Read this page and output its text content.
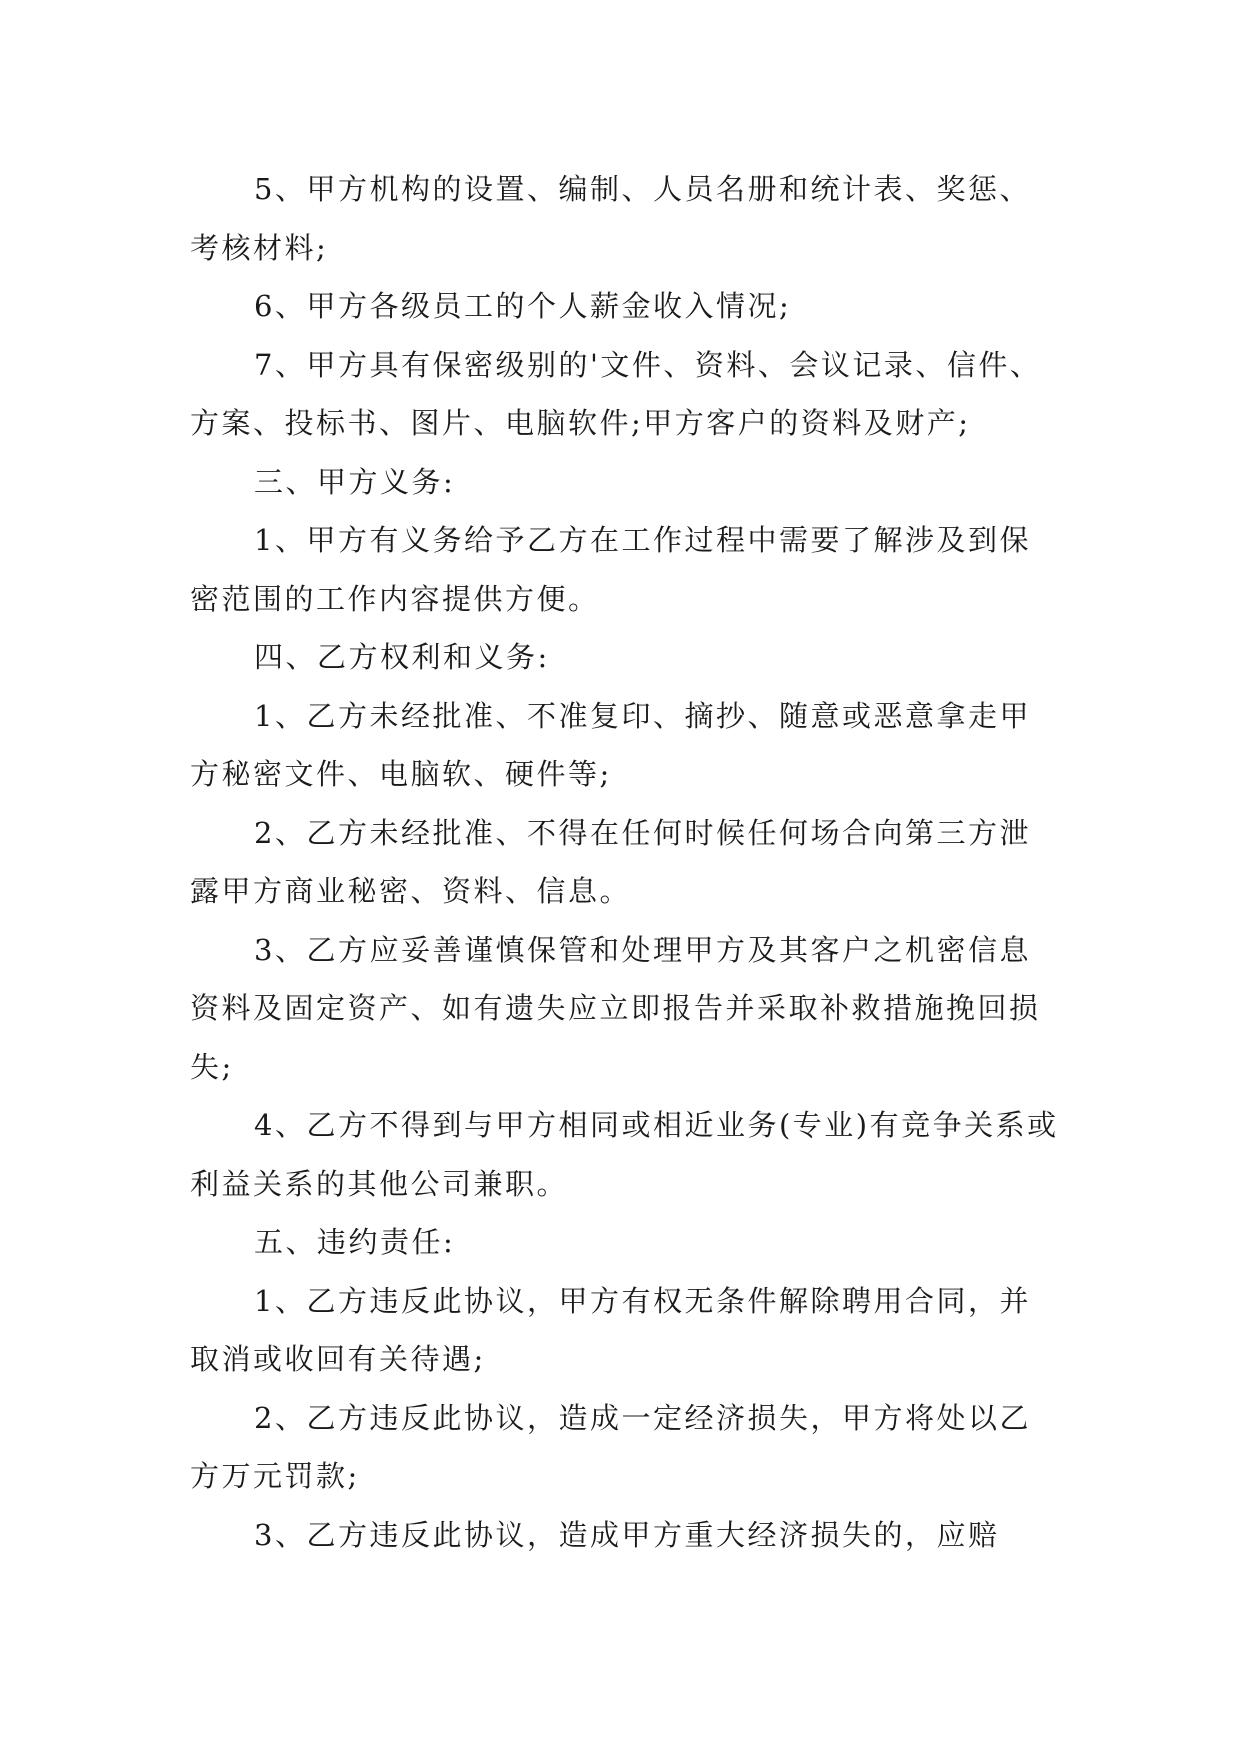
5、甲方机构的设置、编制、人员名册和统计表、奖惩、考核材料;

6、甲方各级员工的个人薪金收入情况;

7、甲方具有保密级别的'文件、资料、会议记录、信件、方案、投标书、图片、电脑软件;甲方客户的资料及财产;

三、甲方义务:

1、甲方有义务给予乙方在工作过程中需要了解涉及到保密范围的工作内容提供方便。

四、乙方权利和义务:

1、乙方未经批准、不准复印、摘抄、随意或恶意拿走甲方秘密文件、电脑软、硬件等;

2、乙方未经批准、不得在任何时候任何场合向第三方泄露甲方商业秘密、资料、信息。

3、乙方应妥善谨慎保管和处理甲方及其客户之机密信息资料及固定资产、如有遗失应立即报告并采取补救措施挽回损失;

4、乙方不得到与甲方相同或相近业务(专业)有竞争关系或利益关系的其他公司兼职。

五、违约责任:

1、乙方违反此协议，甲方有权无条件解除聘用合同，并取消或收回有关待遇;

2、乙方违反此协议，造成一定经济损失，甲方将处以乙方万元罚款;

3、乙方违反此协议，造成甲方重大经济损失的，应赔
